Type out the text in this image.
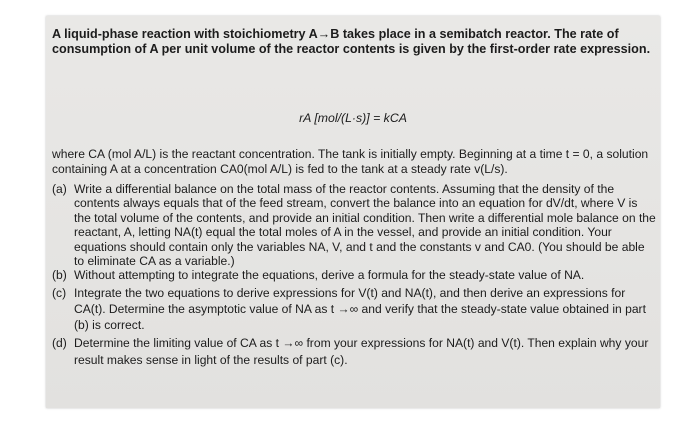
A liquid-phase reaction with stoichiometry A→B takes place in a semibatch reactor. The rate of consumption of A per unit volume of the reactor contents is given by the first-order rate expression.
rA [mol/(L·s)] = kCA
where CA (mol A/L) is the reactant concentration. The tank is initially empty. Beginning at a time t = 0, a solution containing A at a concentration CA0(mol A/L) is fed to the tank at a steady rate v(L/s).
(a) Write a differential balance on the total mass of the reactor contents. Assuming that the density of the contents always equals that of the feed stream, convert the balance into an equation for dV/dt, where V is the total volume of the contents, and provide an initial condition. Then write a differential mole balance on the reactant, A, letting NA(t) equal the total moles of A in the vessel, and provide an initial condition. Your equations should contain only the variables NA, V, and t and the constants v and CA0. (You should be able to eliminate CA as a variable.)
(b) Without attempting to integrate the equations, derive a formula for the steady-state value of NA.
(c) Integrate the two equations to derive expressions for V(t) and NA(t), and then derive an expressions for CA(t). Determine the asymptotic value of NA as t →∞ and verify that the steady-state value obtained in part (b) is correct.
(d) Determine the limiting value of CA as t →∞ from your expressions for NA(t) and V(t). Then explain why your result makes sense in light of the results of part (c).
